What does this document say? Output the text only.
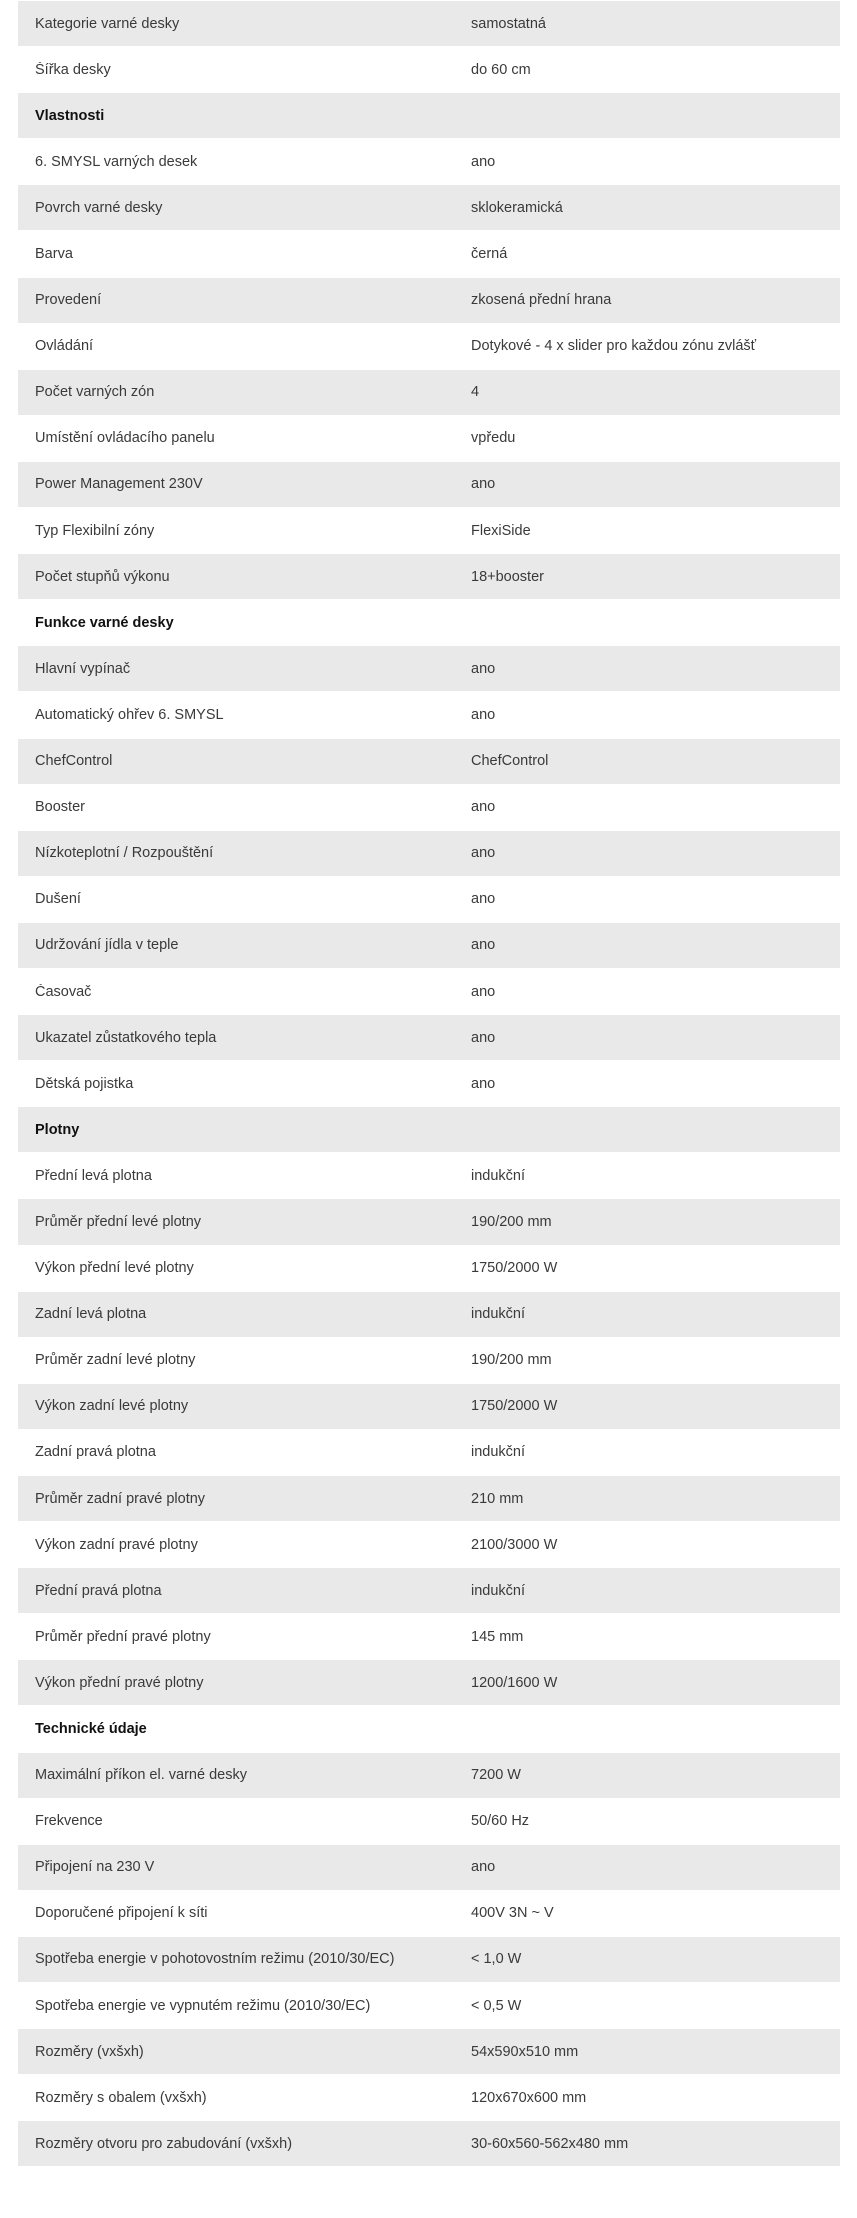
Kategorie varné desky	samostatná
Šířka desky	do 60 cm
Vlastnosti
6. SMYSL varných desek	ano
Povrch varné desky	sklokeramická
Barva	černá
Provedení	zkosená přední hrana
Ovládání	Dotykové - 4 x slider pro každou zónu zvlášť
Počet varných zón	4
Umístění ovládacího panelu	vpředu
Power Management 230V	ano
Typ Flexibilní zóny	FlexiSide
Počet stupňů výkonu	18+booster
Funkce varné desky
Hlavní vypínač	ano
Automatický ohřev 6. SMYSL	ano
ChefControl	ChefControl
Booster	ano
Nízkoteplotní / Rozpouštění	ano
Dušení	ano
Udržování jídla v teple	ano
Časovač	ano
Ukazatel zůstatkového tepla	ano
Dětská pojistka	ano
Plotny
Přední levá plotna	indukční
Průměr přední levé plotny	190/200 mm
Výkon přední levé plotny	1750/2000 W
Zadní levá plotna	indukční
Průměr zadní levé plotny	190/200 mm
Výkon zadní levé plotny	1750/2000 W
Zadní pravá plotna	indukční
Průměr zadní pravé plotny	210 mm
Výkon zadní pravé plotny	2100/3000 W
Přední pravá plotna	indukční
Průměr přední pravé plotny	145 mm
Výkon přední pravé plotny	1200/1600 W
Technické údaje
Maximální příkon el. varné desky	7200 W
Frekvence	50/60 Hz
Připojení na 230 V	ano
Doporučené připojení k síti	400V 3N ~ V
Spotřeba energie v pohotovostním režimu (2010/30/EC)	< 1,0 W
Spotřeba energie ve vypnutém režimu (2010/30/EC)	< 0,5 W
Rozměry (vxšxh)	54x590x510 mm
Rozměry s obalem (vxšxh)	120x670x600 mm
Rozměry otvoru pro zabudování (vxšxh)	30-60x560-562x480 mm
